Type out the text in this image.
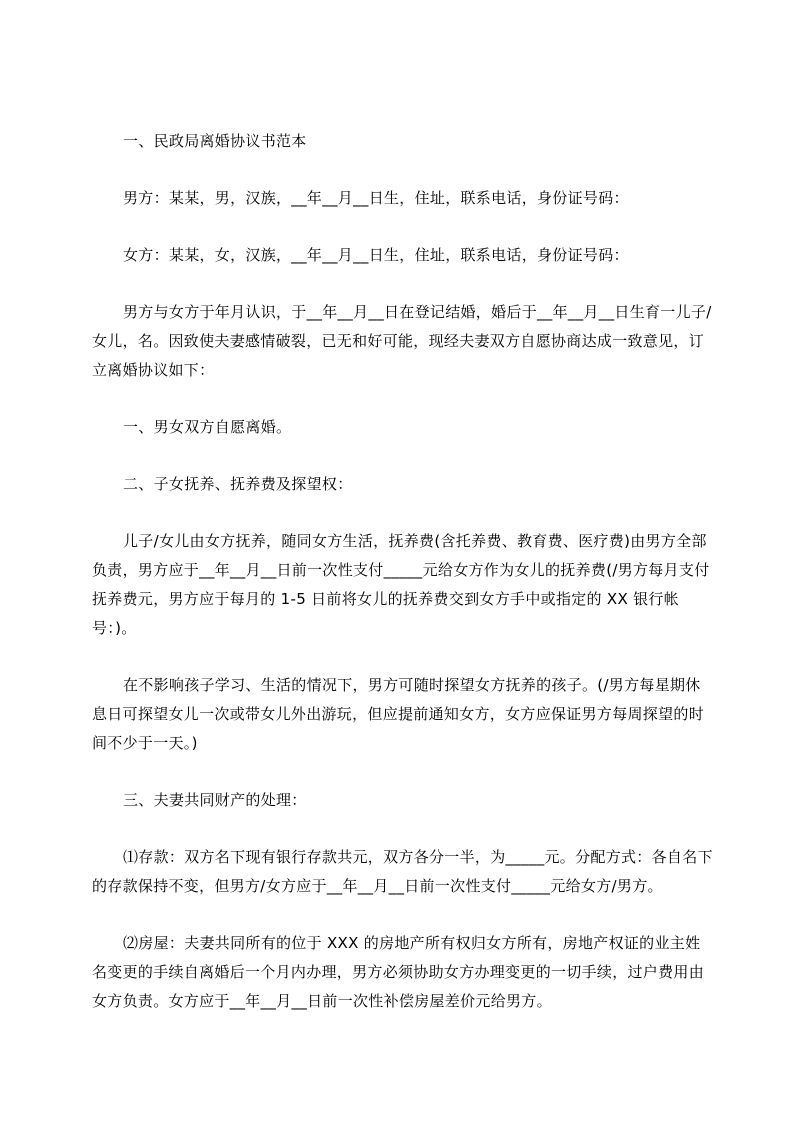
一、民政局离婚协议书范本

男方：某某，男，汉族，__年__月__日生，住址，联系电话，身份证号码：

女方：某某，女，汉族，__年__月__日生，住址，联系电话，身份证号码：

男方与女方于年月认识，于__年__月__日在登记结婚，婚后于__年__月__日生育一儿子/女儿，名。因致使夫妻感情破裂，已无和好可能，现经夫妻双方自愿协商达成一致意见，订立离婚协议如下：

一、男女双方自愿离婚。

二、子女抚养、抚养费及探望权：

儿子/女儿由女方抚养，随同女方生活，抚养费(含托养费、教育费、医疗费)由男方全部负责，男方应于__年__月__日前一次性支付_____元给女方作为女儿的抚养费(/男方每月支付抚养费元，男方应于每月的 1-5 日前将女儿的抚养费交到女方手中或指定的 XX 银行帐号：)。

在不影响孩子学习、生活的情况下，男方可随时探望女方抚养的孩子。(/男方每星期休息日可探望女儿一次或带女儿外出游玩，但应提前通知女方，女方应保证男方每周探望的时间不少于一天。)

三、夫妻共同财产的处理：

⑴存款：双方名下现有银行存款共元，双方各分一半，为_____元。分配方式：各自名下的存款保持不变，但男方/女方应于__年__月__日前一次性支付_____元给女方/男方。

⑵房屋：夫妻共同所有的位于 XXX 的房地产所有权归女方所有，房地产权证的业主姓名变更的手续自离婚后一个月内办理，男方必须协助女方办理变更的一切手续，过户费用由女方负责。女方应于__年__月__日前一次性补偿房屋差价元给男方。
